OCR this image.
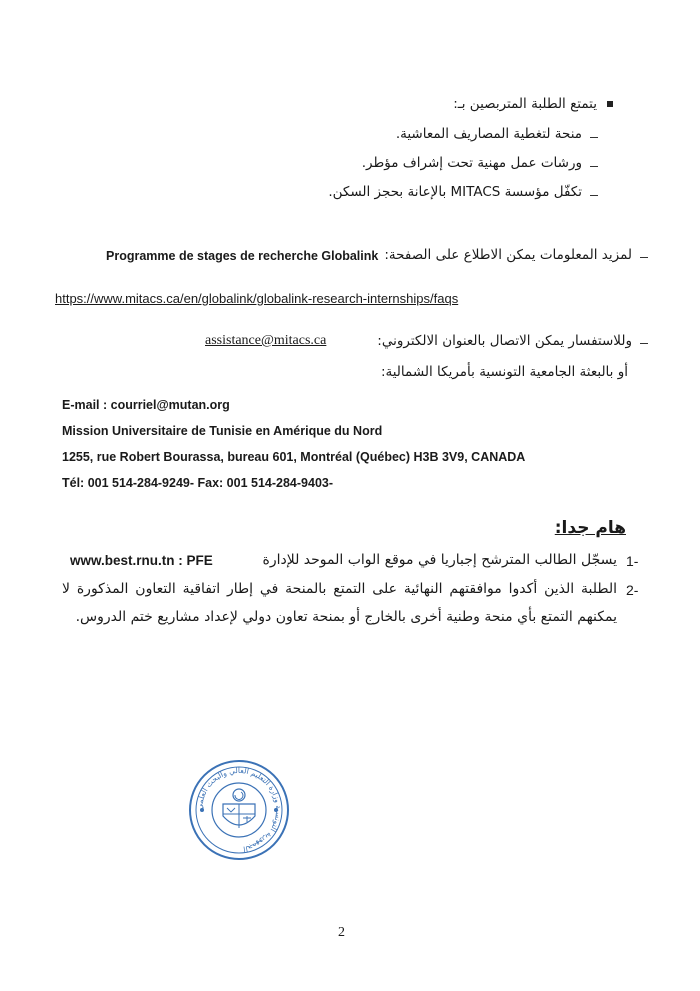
يتمتع الطلبة المتربصين بـ:
منحة لتغطية المصاريف المعاشية.
ورشات عمل مهنية تحت إشراف مؤطر.
تكفّل مؤسسة MITACS بالإعانة بحجز السكن.
لمزيد المعلومات يمكن الاطلاع على الصفحة:
Programme de stages de recherche Globalink
https://www.mitacs.ca/en/globalink/globalink-research-internships/faqs
وللاستفسار يمكن الاتصال بالعنوان الالكتروني:
assistance@mitacs.ca
أو بالبعثة الجامعية التونسية بأمريكا الشمالية:
E-mail : courriel@mutan.org
Mission Universitaire de Tunisie en Amérique du Nord
1255, rue Robert Bourassa, bureau 601, Montréal (Québec) H3B 3V9, CANADA
Tél: 001 514-284-9249- Fax: 001 514-284-9403-
هام جدا:
1-
يسجّل الطالب المترشح إجباريا في موقع الواب الموحد للإدارة
www.best.rnu.tn : PFE
2-
الطلبة الذين أكدوا موافقتهم النهائية على التمتع بالمنحة في إطار اتفاقية التعاون المذكورة لا يمكنهم التمتع بأي منحة وطنية أخرى بالخارج أو بمنحة تعاون دولي لإعداد مشاريع ختم الدروس.
الجمهورية التونسية وزارة التعليم العالي والبحث العلمي
2
